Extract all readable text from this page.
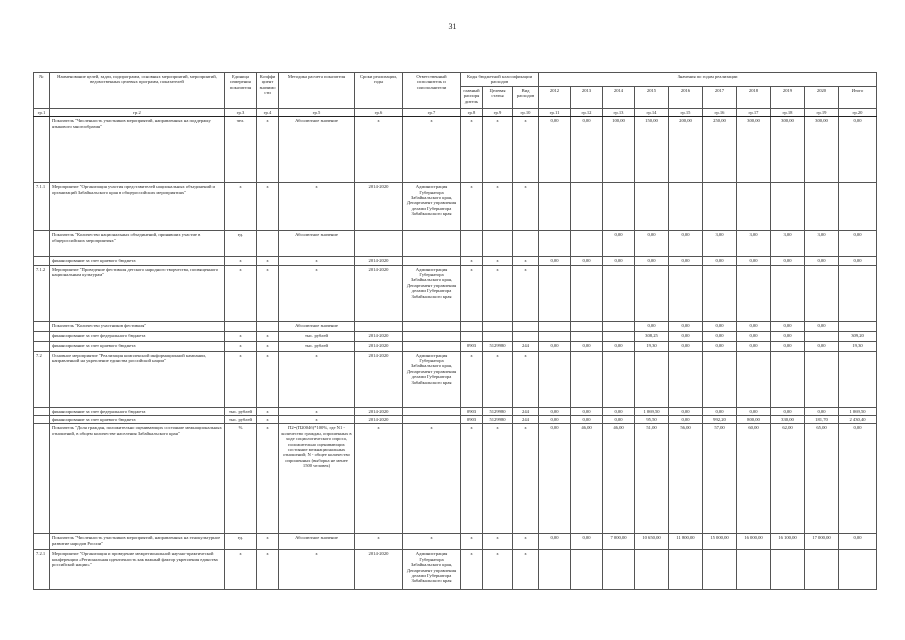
31
№	Наименование целей, задач, подпрограмм, основных мероприятий, мероприятий, ведомственных целевых программ, показателей	Единица измерения показателя	Коэффициент значимости	Методика расчета показателя	Сроки реализации, годы	Ответственный исполнитель и соисполнители	Коды бюджетной классификации расходов			Значения по годам реализации									
							главный распорядитель	Целевая статья	Вид расходов	2012	2013	2014	2015	2016	2017	2018	2019	2020	Итого
гр.1	гр.2	гр.3	гр.4	гр.5	гр.6	гр.7	гр.8	гр.9	гр.10	гр.11	гр.12	гр.13	гр.14	гр.15	гр.16	гр.17	гр.18	гр.19	гр.20
	Показатель "Численность участников мероприятий, направленных на поддержку языкового многообразия"	чел.	х	Абсолютное значение	х	х	х	х	х	0,00	0,00	100,00	150,00	200,00	250,00	300,00	300,00	300,00	0,00
7.1.1	Мероприятие "Организация участия представителей национальных объединений и организаций Забайкальского края в общероссийских мероприятиях"	х	х	х	2014-2020	Администрация Губернатора Забайкальского края, Департамент управления делами Губернатора Забайкальского края	х	х	х										
	Показатель "Количество национальных объединений, принявших участие в общероссийских мероприятиях"	ед.		Абсолютное значение								0,00	0,00	0,00	3,00	3,00	3,00	3,00	0,00
	финансирование за счет краевого бюджета	х	х	х	2014-2020		х	х	х	0,00	0,00	0,00	0,00	0,00	0,00	0,00	0,00	0,00	0,00
7.1.2	Мероприятие "Проведение фестиваля детского народного творчества, посвященного национальным культурам"	х	х	х	2014-2020	Администрация Губернатора Забайкальского края, Департамент управления делами Губернатора Забайкальского края	х	х	х										
	Показатель "Количество участников фестиваля"			Абсолютное значение									0,00	0,00	0,00	0,00	0,00	0,00	
	финансирование за счет федерального бюджета	х	х	тыс. рублей	2014-2020								308,25	0,00	0,00	0,00	0,00		309,20
	финансирование за счет краевого бюджета	х	х	тыс. рублей	2014-2020		0903	5129980	244	0,00	0,00	0,00	19,30	0,00	0,00	0,00	0,00	0,00	19,30
7.2	Основное мероприятие "Реализация комплексной информационной кампании, направленной на укрепление единства российской нации"	х	х	х	2014-2020	Администрация Губернатора Забайкальского края, Департамент управления делами Губернатора Забайкальского края	х	х	х										
	финансирование за счет федерального бюджета	тыс. рублей	х	х	2014-2020		0903	5129980	244	0,00	0,00	0,00	1 069,50	0,00	0,00	0,00	0,00	0,00	1 069,50
	финансирование за счет краевого бюджета	тыс. рублей	х	х	2014-2020		0903	5129980	244	0,00	0,00	0,00	95,50	0,00	992,20	800,00	330,00	181,70	2 430,40
	Показатель "Доля граждан, положительно оценивающих состояние межнациональных отношений, в общем количестве населения Забайкальского края"	%	х	П2=(П2004б)*100%, где N1 - количество граждан, опрошенных в ходе социологического опроса, положительно оценивающих состояние межнациональных отношений; N - общее количество опрошенных (выборка не менее 1500 человек)	х	х	х	х	х	0,00	46,00	46,00	51,00	56,00	57,00	60,00	62,00	65,00	0,00
	Показатель "Численность участников мероприятий, направленных на этнокультурное развитие народов России"	ед.	х	Абсолютное значение	х	х	х	х	х	0,00	0,00	7 000,00	10 650,00	11 800,00	15 000,00	16 000,00	16 100,00	17 000,00	0,00
7.2.1	Мероприятие "Организация и проведение межрегиональной научно-практической конференции «Региональная идентичность как важный фактор укрепления единства российской нации»"	х	х	х	2014-2020	Администрация Губернатора Забайкальского края, Департамент управления делами Губернатора Забайкальского края	х	х	х										
